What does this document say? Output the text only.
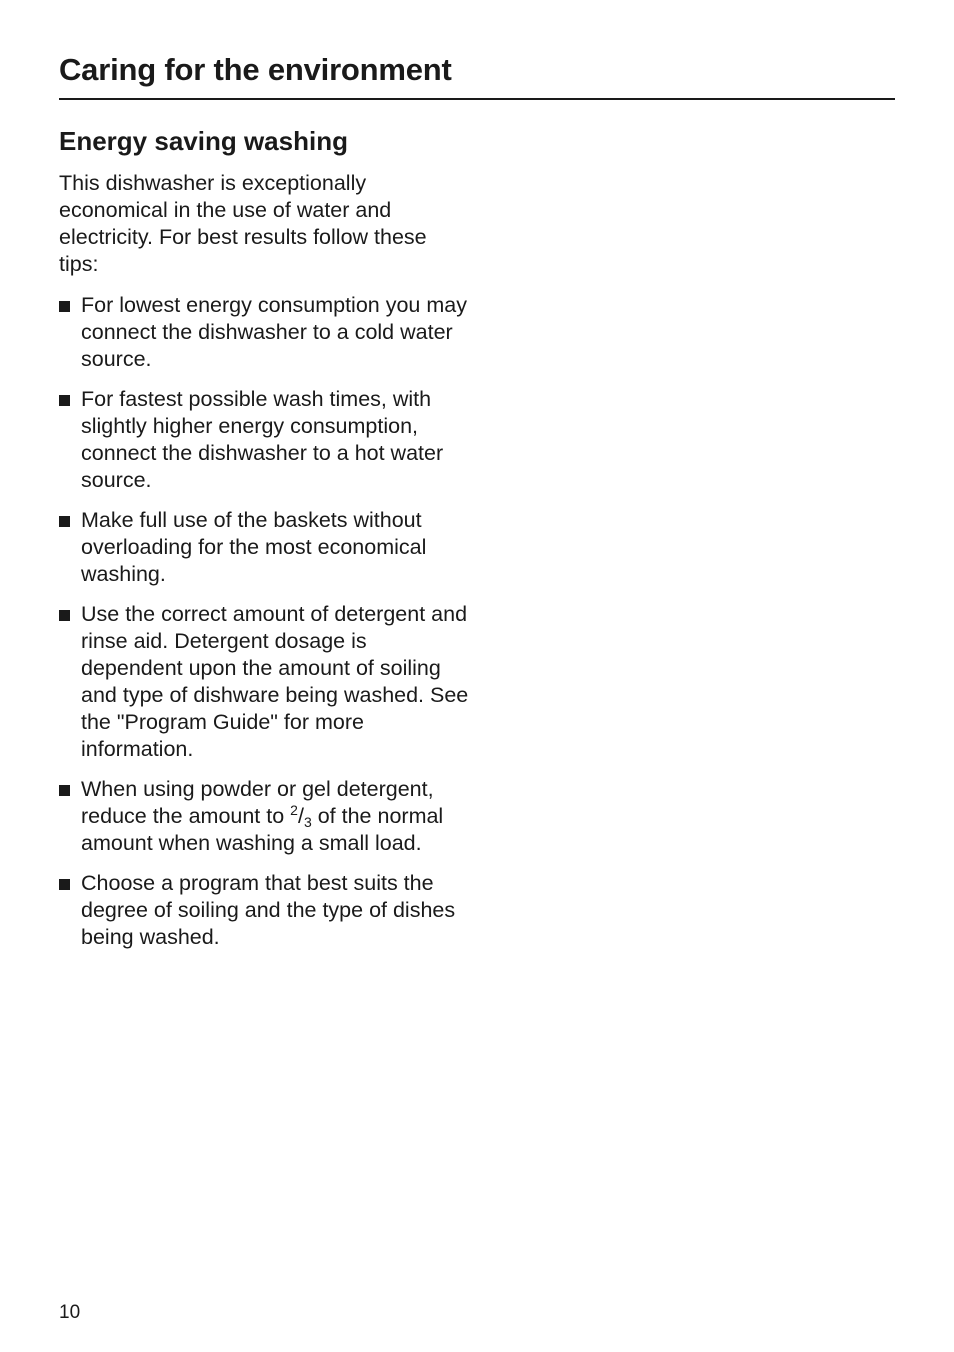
Caring for the environment
Energy saving washing

This dishwasher is exceptionally economical in the use of water and electricity. For best results follow these tips:

For lowest energy consumption you may connect the dishwasher to a cold water source.
For fastest possible wash times, with slightly higher energy consumption, connect the dishwasher to a hot water source.
Make full use of the baskets without overloading for the most economical washing.
Use the correct amount of detergent and rinse aid. Detergent dosage is dependent upon the amount of soiling and type of dishware being washed. See the "Program Guide" for more information.
When using powder or gel detergent, reduce the amount to $^2/_3$ of the normal amount when washing a small load.
Choose a program that best suits the degree of soiling and the type of dishes being washed.
10
